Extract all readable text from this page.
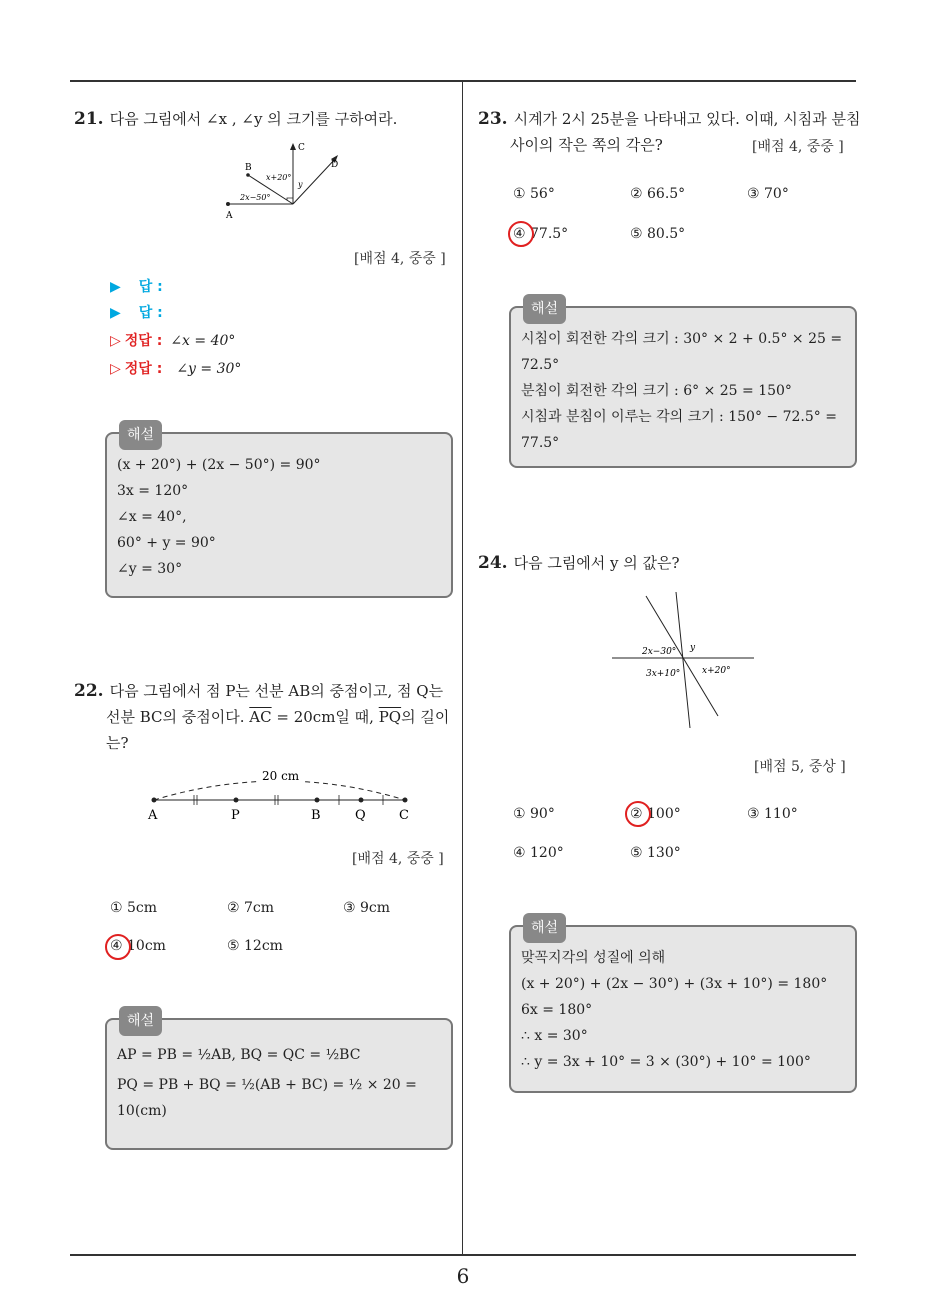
6
21. 다음 그림에서 ∠x , ∠y 의 크기를 구하여라.
C
D
B
A
x+20°
y
2x−50°
[배점 4, 중중 ]
▶ 답 :
▶ 답 :
▷ 정답 : ∠x = 40°
▷ 정답 : ∠y = 30°
해설
(x + 20°) + (2x − 50°) = 90°
3x = 120°
∠x = 40°,
60° + y = 90°
∠y = 30°
22. 다음 그림에서 점 P는 선분 AB의 중점이고, 점 Q는
선분 BC의 중점이다. $\overline{AC} = 20cm$일 때, $\overline{PQ}$의 길이
는?
20 cm
A	P	B	Q	C
[배점 4, 중중 ]
① 5cm	② 7cm	③ 9cm
④ 10cm	⑤ 12cm
해설
AP = PB = ½AB, BQ = QC = ½BC
PQ = PB + BQ = ½(AB + BC) = ½ × 20 =
10(cm)
23. 시계가 2시 25분을 나타내고 있다. 이때, 시침과 분침
사이의 작은 쪽의 각은?	[배점 4, 중중 ]
① 56°	② 66.5°	③ 70°
④ 77.5°	⑤ 80.5°
해설
시침이 회전한 각의 크기 : 30° × 2 + 0.5° × 25 =
72.5°
분침이 회전한 각의 크기 : 6° × 25 = 150°
시침과 분침이 이루는 각의 크기 : 150° − 72.5° =
77.5°
24. 다음 그림에서 y 의 값은?
2x−30° y
3x+10° x+20°
[배점 5, 중상 ]
① 90°	② 100°	③ 110°
④ 120°	⑤ 130°
해설
맞꼭지각의 성질에 의해
(x + 20°) + (2x − 30°) + (3x + 10°) = 180°
6x = 180°
∴ x = 30°
∴ y = 3x + 10° = 3 × (30°) + 10° = 100°
